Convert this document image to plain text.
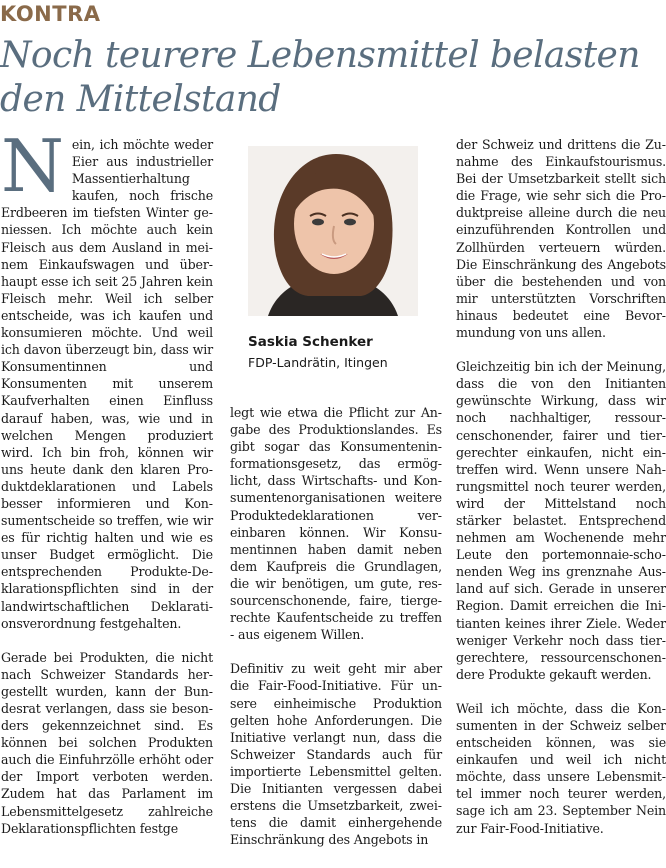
KONTRA
Noch teurere Lebensmittel belasten den Mittelstand

N ein, ich möchte weder Eier aus industrieller Massentierhaltung kaufen, noch frische Erdbeeren im tiefsten Winter geniessen. Ich möchte auch kein Fleisch aus dem Ausland in meinem Einkaufswagen und überhaupt esse ich seit 25 Jahren kein Fleisch mehr. Weil ich selber entscheide, was ich kaufen und konsumieren möchte. Und weil ich davon überzeugt bin, dass wir Konsumentinnen und Konsumenten mit unserem Kaufverhalten einen Einfluss darauf haben, was, wie und in welchen Mengen produziert wird. Ich bin froh, können wir uns heute dank den klaren Produktdeklarationen und Labels besser informieren und Konsumentscheide so treffen, wie wir es für richtig halten und wie es unser Budget ermöglicht. Die entsprechenden Produkte-Deklarationspflichten sind in der landwirtschaftlichen Deklarationsverordnung festgehalten.

Gerade bei Produkten, die nicht nach Schweizer Standards hergestellt wurden, kann der Bundesrat verlangen, dass sie besonders gekennzeichnet sind. Es können bei solchen Produkten auch die Einfuhrzölle erhöht oder der Import verboten werden. Zudem hat das Parlament im Lebensmittelgesetz zahlreiche Deklarationspflichten festge

Saskia Schenker
FDP-Landrätin, Itingen

legt wie etwa die Pflicht zur Angabe des Produktionslandes. Es gibt sogar das Konsumenteninformationsgesetz, das ermöglicht, dass Wirtschafts- und Konsumentenorganisationen weitere Produktedeklarationen vereinbaren können. Wir Konsumentinnen haben damit neben dem Kaufpreis die Grundlagen, die wir benötigen, um gute, ressourcenschonende, faire, tiergerechte Kaufentscheide zu treffen - aus eigenem Willen.

Definitiv zu weit geht mir aber die Fair-Food-Initiative. Für unsere einheimische Produktion gelten hohe Anforderungen. Die Initiative verlangt nun, dass die Schweizer Standards auch für importierte Lebensmittel gelten. Die Initianten vergessen dabei erstens die Umsetzbarkeit, zweitens die damit einhergehende Einschränkung des Angebots in

der Schweiz und drittens die Zunahme des Einkaufstourismus. Bei der Umsetzbarkeit stellt sich die Frage, wie sehr sich die Produktpreise alleine durch die neu einzuführenden Kontrollen und Zollhürden verteuern würden. Die Einschränkung des Angebots über die bestehenden und von mir unterstützten Vorschriften hinaus bedeutet eine Bevormundung von uns allen.

Gleichzeitig bin ich der Meinung, dass die von den Initianten gewünschte Wirkung, dass wir noch nachhaltiger, ressourcenschonender, fairer und tiergerechter einkaufen, nicht eintreffen wird. Wenn unsere Nahrungsmittel noch teurer werden, wird der Mittelstand noch stärker belastet. Entsprechend nehmen am Wochenende mehr Leute den portemonnaie-schonenden Weg ins grenznahe Ausland auf sich. Gerade in unserer Region. Damit erreichen die Initianten keines ihrer Ziele. Weder weniger Verkehr noch dass tiergerechtere, ressourcenschonendere Produkte gekauft werden.

Weil ich möchte, dass die Konsumenten in der Schweiz selber entscheiden können, was sie einkaufen und weil ich nicht möchte, dass unsere Lebensmittel immer noch teurer werden, sage ich am 23. September Nein zur Fair-Food-Initiative.
